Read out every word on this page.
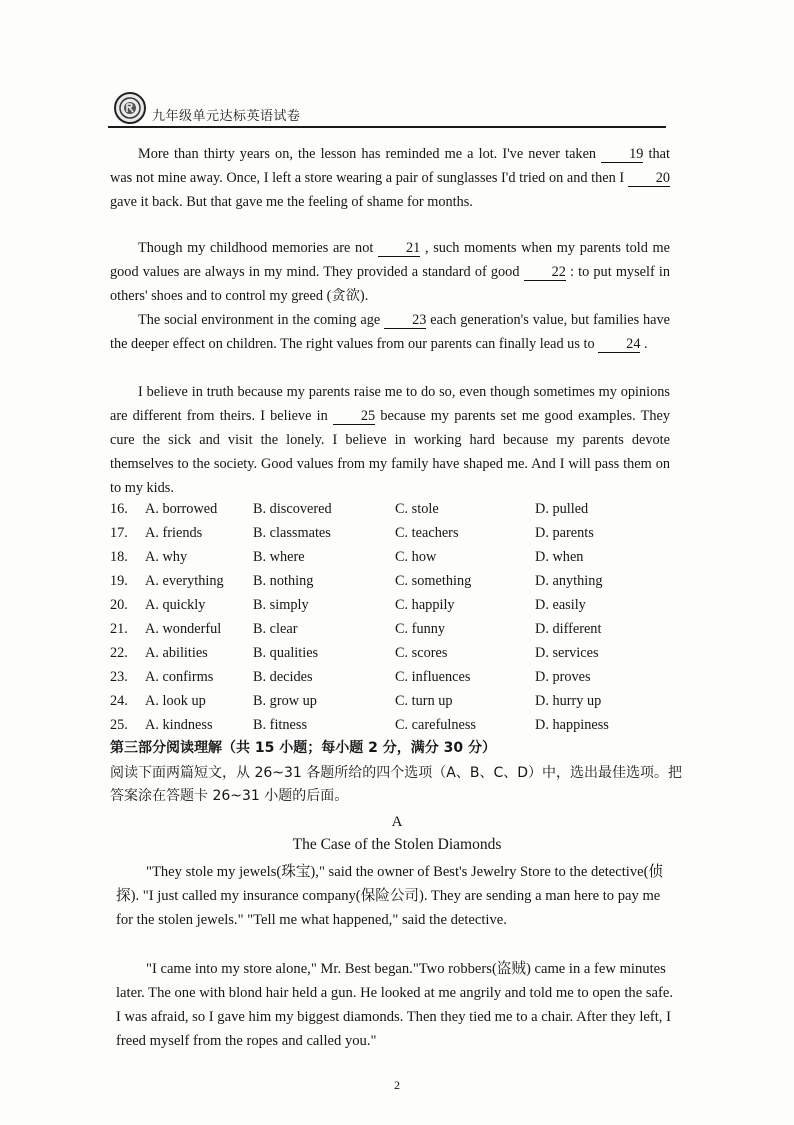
九年级单元达标英语试卷

More than thirty years on, the lesson has reminded me a lot. I've never taken 19 that was not mine away. Once, I left a store wearing a pair of sunglasses I'd tried on and then I 20 gave it back. But that gave me the feeling of shame for months.

Though my childhood memories are not 21 , such moments when my parents told me good values are always in my mind. They provided a standard of good 22 : to put myself in others' shoes and to control my greed (贪欲).

The social environment in the coming age 23 each generation's value, but families have the deeper effect on children. The right values from our parents can finally lead us to 24 .

I believe in truth because my parents raise me to do so, even though sometimes my opinions are different from theirs. I believe in 25 because my parents set me good examples. They cure the sick and visit the lonely. I believe in working hard because my parents devote themselves to the society. Good values from my family have shaped me. And I will pass them on to my kids.

16. A. borrowed B. discovered	C. stole	D. pulled
17. A. friends	B. classmates	C. teachers	D. parents
18. A. why	B. where	C. how	D. when
19. A. everything B. nothing	C. something	D. anything
20. A. quickly	B. simply	C. happily	D. easily
21. A. wonderful B. clear	C. funny	D. different
22. A. abilities	B. qualities	C. scores	D. services
23. A. confirms	B. decides	C. influences	D. proves
24. A. look up	B. grow up	C. turn up	D. hurry up
25. A. kindness	B. fitness	C. carefulness	D. happiness
第三部分阅读理解（共 15 小题；每小题 2 分，满分 30 分）
阅读下面两篇短文，从 26~31 各题所给的四个选项（A、B、C、D）中，选出最佳选项。把答案涂在答题卡 26~31 小题的后面。
A
The Case of the Stolen Diamonds

"They stole my jewels(珠宝)," said the owner of Best's Jewelry Store to the detective(侦探). "I just called my insurance company(保险公司). They are sending a man here to pay me for the stolen jewels." "Tell me what happened," said the detective.

"I came into my store alone," Mr. Best began."Two robbers(盗贼) came in a few minutes later. The one with blond hair held a gun. He looked at me angrily and told me to open the safe. I was afraid, so I gave him my biggest diamonds. Then they tied me to a chair. After they left, I freed myself from the ropes and called you."

2
